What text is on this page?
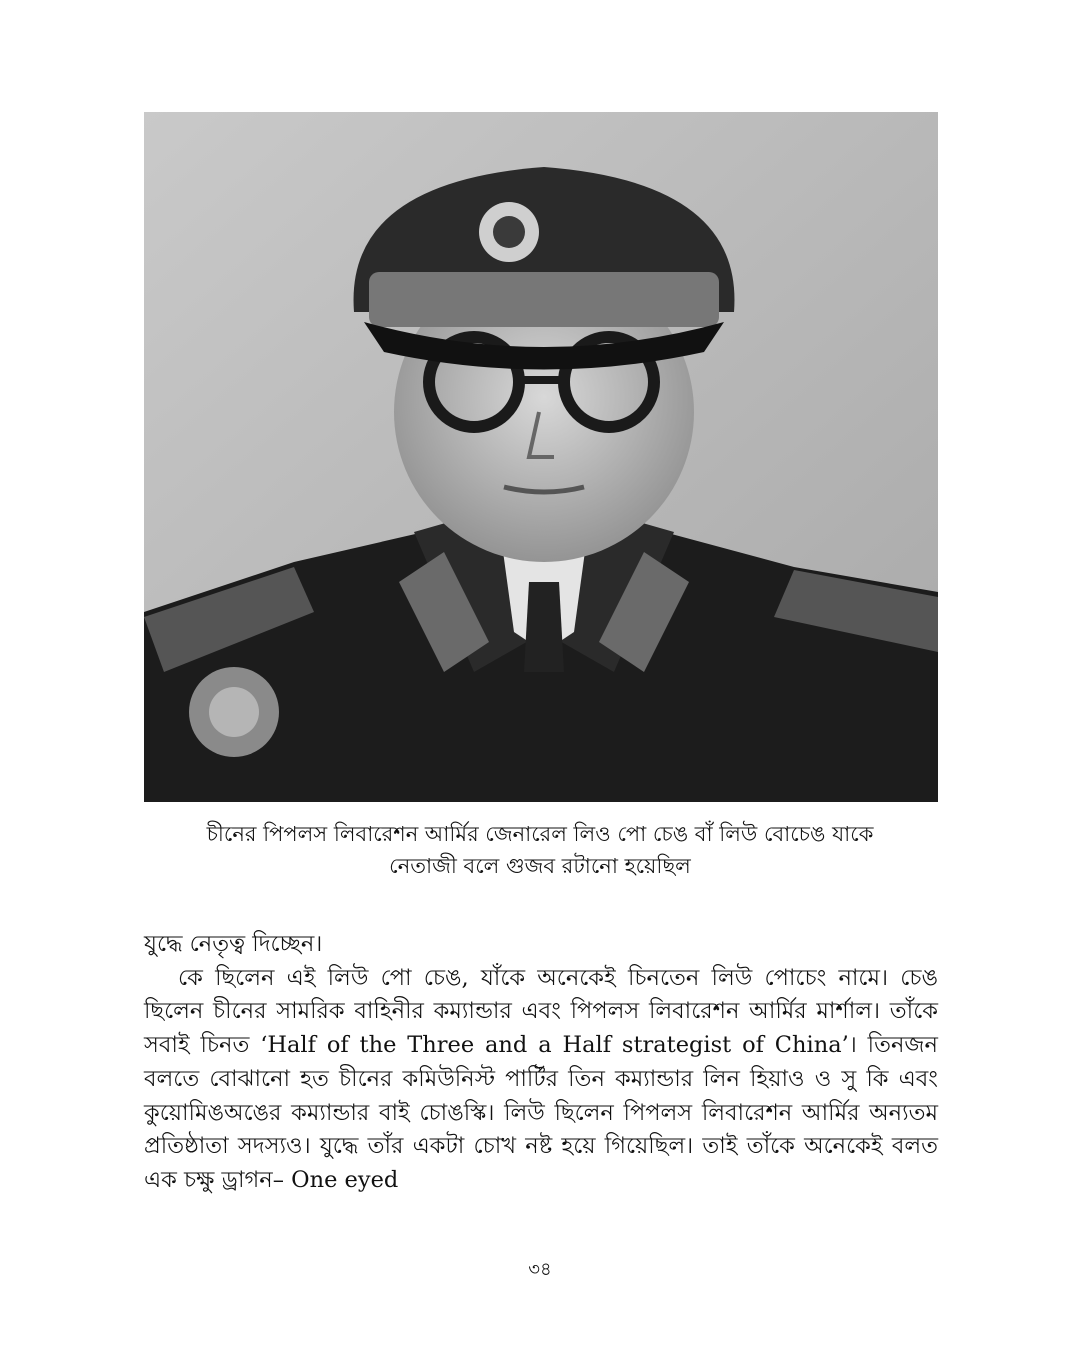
চীনের পিপলস লিবারেশন আর্মির জেনারেল লিও পো চেঙ বাঁ লিউ বোচেঙ যাকে

নেতাজী বলে গুজব রটানো হয়েছিল

যুদ্ধে নেতৃত্ব দিচ্ছেন।

কে ছিলেন এই লিউ পো চেঙ, যাঁকে অনেকেই চিনতেন লিউ পোচেং নামে। চেঙ ছিলেন চীনের সামরিক বাহিনীর কম্যান্ডার এবং পিপলস লিবারেশন আর্মির মার্শাল। তাঁকে সবাই চিনত ‘Half of the Three and a Half strategist of China’। তিনজন বলতে বোঝানো হত চীনের কমিউনিস্ট পার্টির তিন কম্যান্ডার লিন হিয়াও ও সু কি এবং কুয়োমিঙঅঙের কম্যান্ডার বাই চোঙস্কি। লিউ ছিলেন পিপলস লিবারেশন আর্মির অন্যতম প্রতিষ্ঠাতা সদস্যও। যুদ্ধে তাঁর একটা চোখ নষ্ট হয়ে গিয়েছিল। তাই তাঁকে অনেকেই বলত এক চক্ষু ড্রাগন– One eyed

৩৪
